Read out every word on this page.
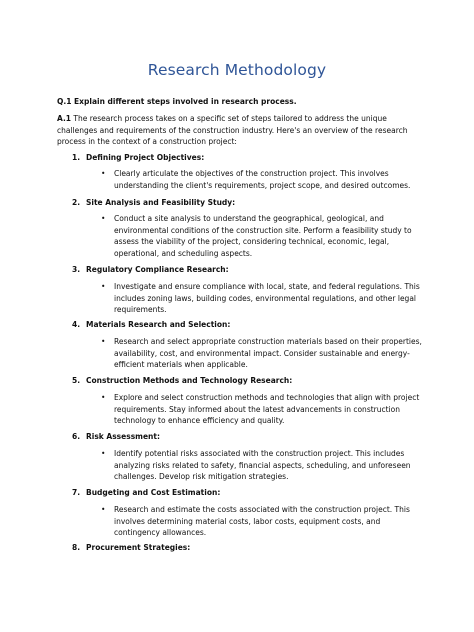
Research Methodology
Q.1 Explain different steps involved in research process.
A.1 The research process takes on a specific set of steps tailored to address the unique challenges and requirements of the construction industry. Here's an overview of the research process in the context of a construction project:
1. Defining Project Objectives:
• Clearly articulate the objectives of the construction project. This involves understanding the client's requirements, project scope, and desired outcomes.
2. Site Analysis and Feasibility Study:
• Conduct a site analysis to understand the geographical, geological, and environmental conditions of the construction site. Perform a feasibility study to assess the viability of the project, considering technical, economic, legal, operational, and scheduling aspects.
3. Regulatory Compliance Research:
• Investigate and ensure compliance with local, state, and federal regulations. This includes zoning laws, building codes, environmental regulations, and other legal requirements.
4. Materials Research and Selection:
• Research and select appropriate construction materials based on their properties, availability, cost, and environmental impact. Consider sustainable and energy-efficient materials when applicable.
5. Construction Methods and Technology Research:
• Explore and select construction methods and technologies that align with project requirements. Stay informed about the latest advancements in construction technology to enhance efficiency and quality.
6. Risk Assessment:
• Identify potential risks associated with the construction project. This includes analyzing risks related to safety, financial aspects, scheduling, and unforeseen challenges. Develop risk mitigation strategies.
7. Budgeting and Cost Estimation:
• Research and estimate the costs associated with the construction project. This involves determining material costs, labor costs, equipment costs, and contingency allowances.
8. Procurement Strategies:
